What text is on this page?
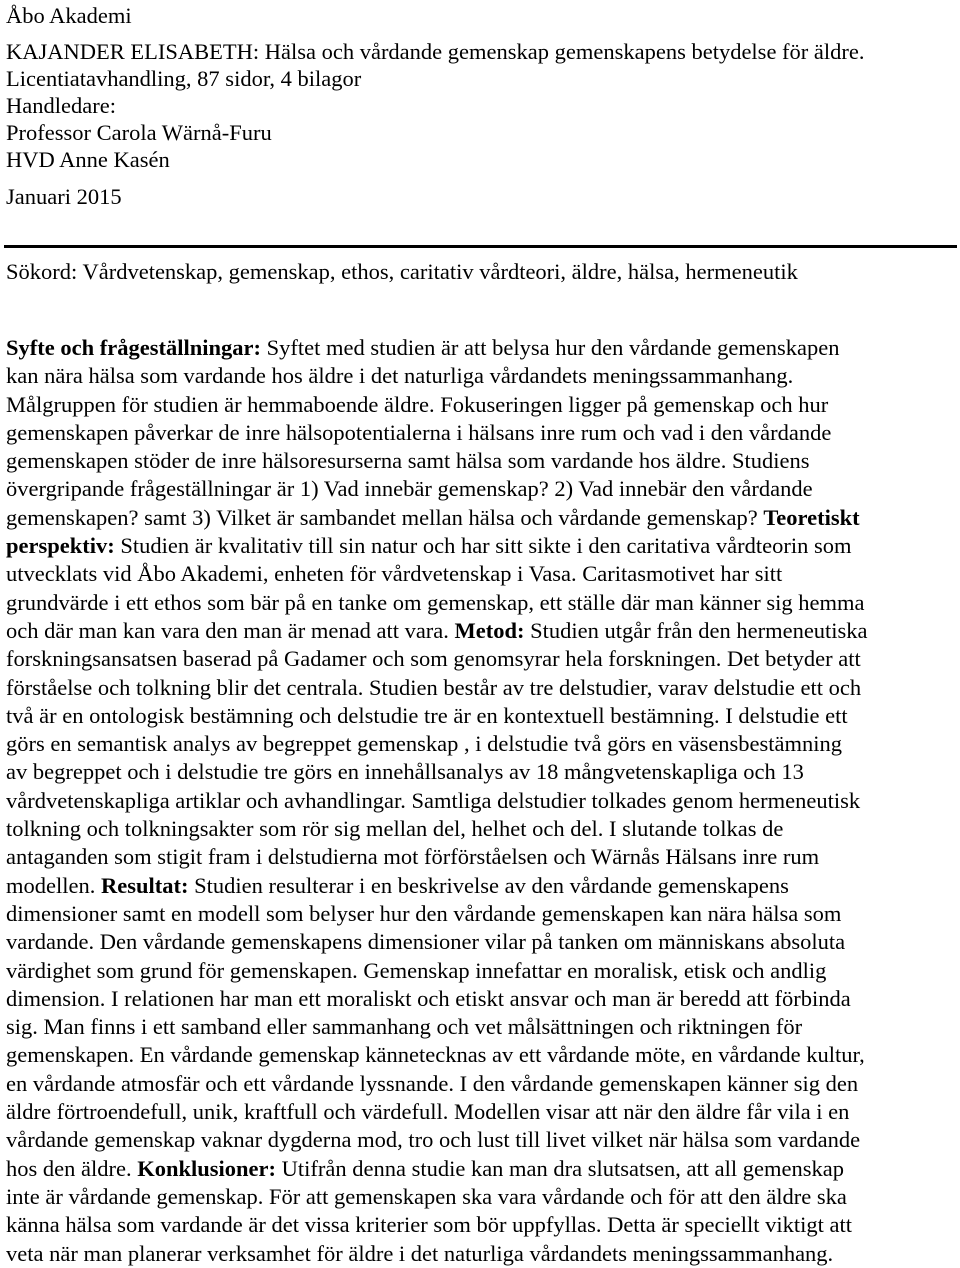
Åbo Akademi

KAJANDER ELISABETH: Hälsa och vårdande gemenskap gemenskapens betydelse för äldre.

Licentiatavhandling, 87 sidor, 4 bilagor

Handledare:

Professor Carola Wärnå-Furu

HVD Anne Kasén

Januari 2015

Sökord: Vårdvetenskap, gemenskap, ethos, caritativ vårdteori, äldre, hälsa, hermeneutik

Syfte och frågeställningar: Syftet med studien är att belysa hur den vårdande gemenskapen
kan nära hälsa som vardande hos äldre i det naturliga vårdandets meningssammanhang.
Målgruppen för studien är hemmaboende äldre. Fokuseringen ligger på gemenskap och hur
gemenskapen påverkar de inre hälsopotentialerna i hälsans inre rum och vad i den vårdande
gemenskapen stöder de inre hälsoresurserna samt hälsa som vardande hos äldre. Studiens
övergripande frågeställningar är 1) Vad innebär gemenskap? 2) Vad innebär den vårdande
gemenskapen? samt 3) Vilket är sambandet mellan hälsa och vårdande gemenskap? Teoretiskt
perspektiv: Studien är kvalitativ till sin natur och har sitt sikte i den caritativa vårdteorin som
utvecklats vid Åbo Akademi, enheten för vårdvetenskap i Vasa. Caritasmotivet har sitt
grundvärde i ett ethos som bär på en tanke om gemenskap, ett ställe där man känner sig hemma
och där man kan vara den man är menad att vara. Metod: Studien utgår från den hermeneutiska
forskningsansatsen baserad på Gadamer och som genomsyrar hela forskningen. Det betyder att
förståelse och tolkning blir det centrala. Studien består av tre delstudier, varav delstudie ett och
två är en ontologisk bestämning och delstudie tre är en kontextuell bestämning. I delstudie ett
görs en semantisk analys av begreppet gemenskap , i delstudie två görs en väsensbestämning
av begreppet och i delstudie tre görs en innehållsanalys av 18 mångvetenskapliga och 13
vårdvetenskapliga artiklar och avhandlingar. Samtliga delstudier tolkades genom hermeneutisk
tolkning och tolkningsakter som rör sig mellan del, helhet och del. I slutande tolkas de
antaganden som stigit fram i delstudierna mot förförståelsen och Wärnås Hälsans inre rum
modellen. Resultat: Studien resulterar i en beskrivelse av den vårdande gemenskapens
dimensioner samt en modell som belyser hur den vårdande gemenskapen kan nära hälsa som
vardande. Den vårdande gemenskapens dimensioner vilar på tanken om människans absoluta
värdighet som grund för gemenskapen. Gemenskap innefattar en moralisk, etisk och andlig
dimension. I relationen har man ett moraliskt och etiskt ansvar och man är beredd att förbinda
sig. Man finns i ett samband eller sammanhang och vet målsättningen och riktningen för
gemenskapen. En vårdande gemenskap kännetecknas av ett vårdande möte, en vårdande kultur,
en vårdande atmosfär och ett vårdande lyssnande. I den vårdande gemenskapen känner sig den
äldre förtroendefull, unik, kraftfull och värdefull. Modellen visar att när den äldre får vila i en
vårdande gemenskap vaknar dygderna mod, tro och lust till livet vilket när hälsa som vardande
hos den äldre. Konklusioner: Utifrån denna studie kan man dra slutsatsen, att all gemenskap
inte är vårdande gemenskap. För att gemenskapen ska vara vårdande och för att den äldre ska
känna hälsa som vardande är det vissa kriterier som bör uppfyllas. Detta är speciellt viktigt att
veta när man planerar verksamhet för äldre i det naturliga vårdandets meningssammanhang.
